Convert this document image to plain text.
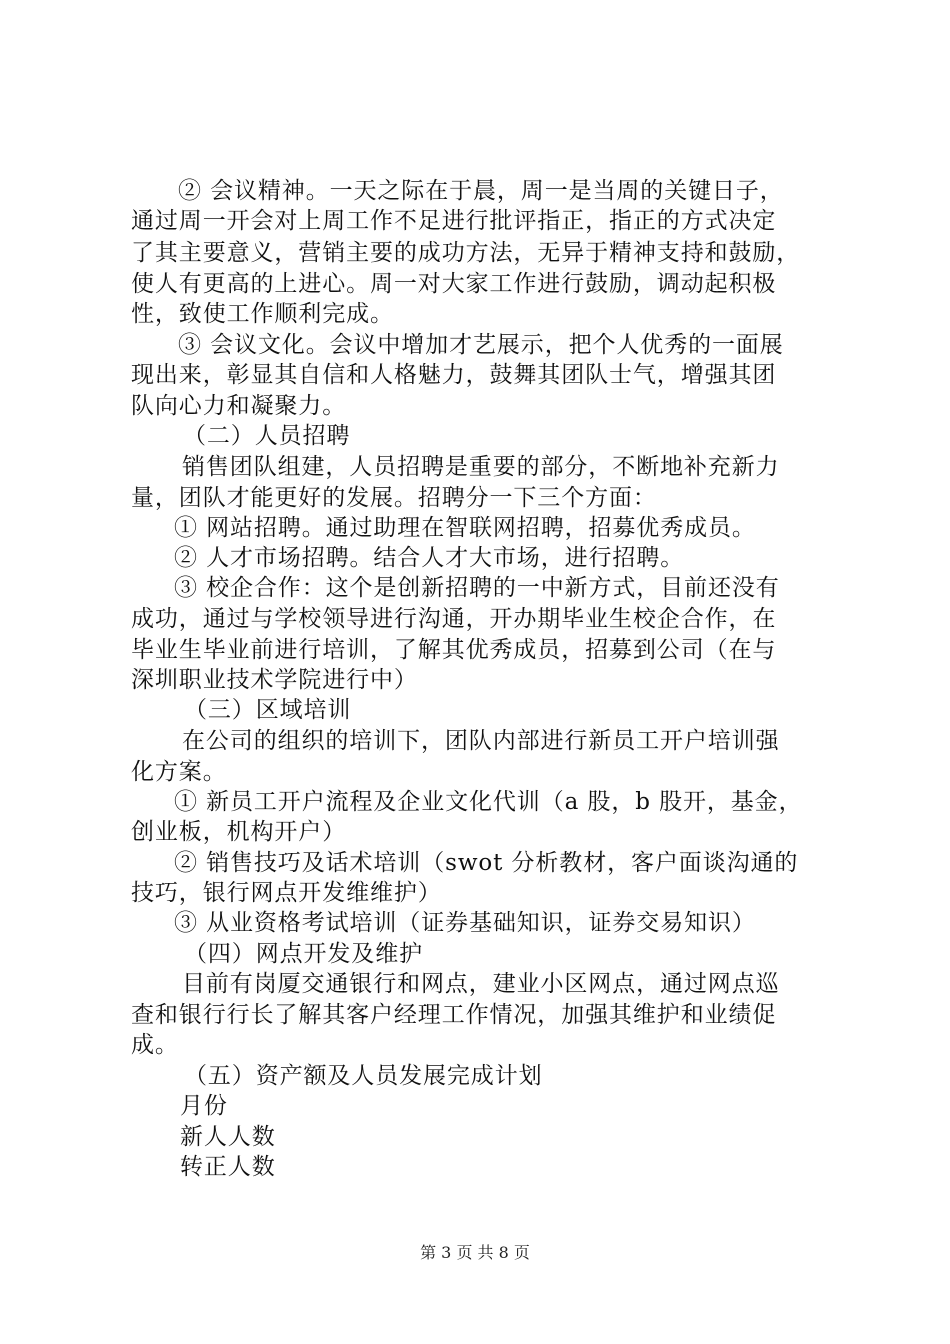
② 会议精神。一天之际在于晨，周一是当周的关键日子，
通过周一开会对上周工作不足进行批评指正，指正的方式决定
了其主要意义，营销主要的成功方法，无异于精神支持和鼓励，
使人有更高的上进心。周一对大家工作进行鼓励，调动起积极
性，致使工作顺利完成。
③ 会议文化。会议中增加才艺展示，把个人优秀的一面展
现出来，彰显其自信和人格魅力，鼓舞其团队士气，增强其团
队向心力和凝聚力。
（二）人员招聘
销售团队组建，人员招聘是重要的部分，不断地补充新力
量，团队才能更好的发展。招聘分一下三个方面：
① 网站招聘。通过助理在智联网招聘，招募优秀成员。
② 人才市场招聘。结合人才大市场，进行招聘。
③ 校企合作：这个是创新招聘的一中新方式，目前还没有
成功，通过与学校领导进行沟通，开办期毕业生校企合作，在
毕业生毕业前进行培训，了解其优秀成员，招募到公司（在与
深圳职业技术学院进行中）
（三）区域培训
在公司的组织的培训下，团队内部进行新员工开户培训强
化方案。
① 新员工开户流程及企业文化代训（a 股，b 股开，基金，
创业板，机构开户）
② 销售技巧及话术培训（swot 分析教材，客户面谈沟通的
技巧，银行网点开发维维护）
③ 从业资格考试培训（证券基础知识，证券交易知识）
（四）网点开发及维护
目前有岗厦交通银行和网点，建业小区网点，通过网点巡
查和银行行长了解其客户经理工作情况，加强其维护和业绩促
成。
（五）资产额及人员发展完成计划
月份
新人人数
转正人数
第 3 页 共 8 页
